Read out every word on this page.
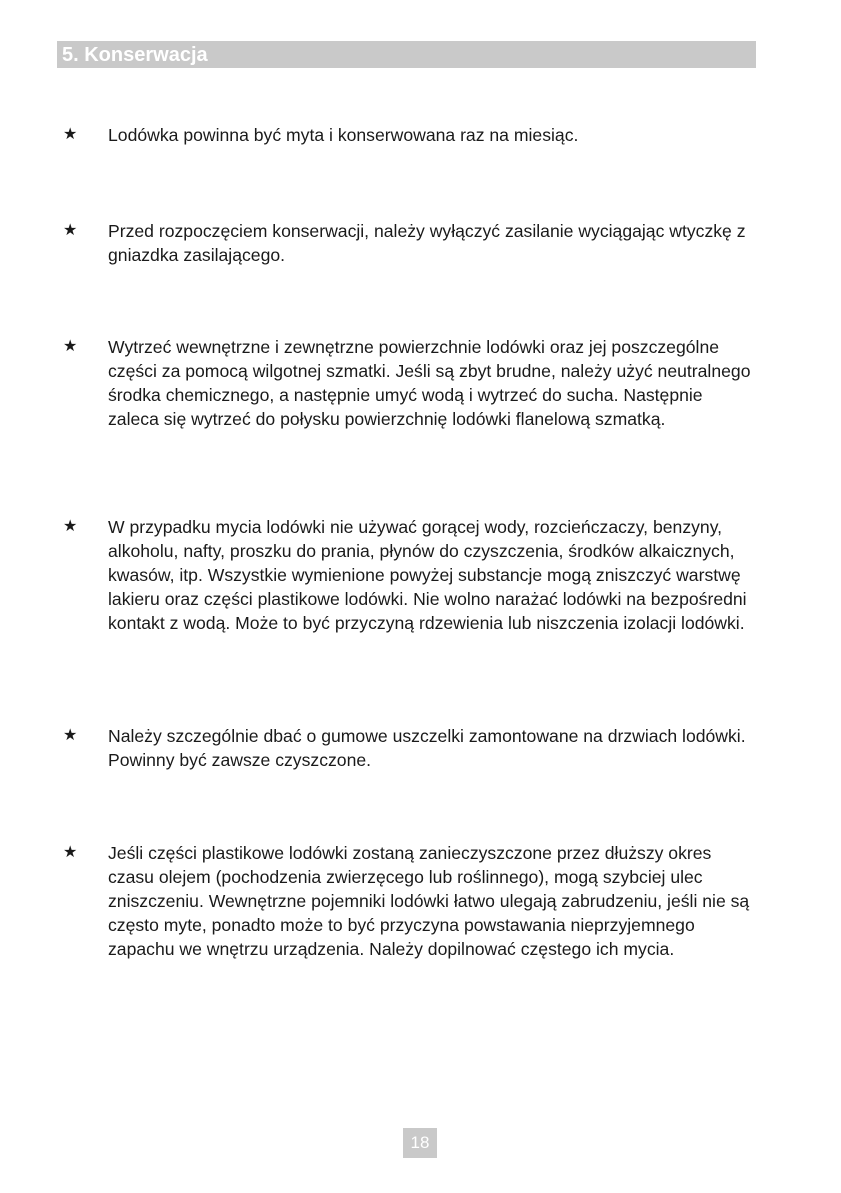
5. Konserwacja
★ Lodówka powinna być myta i konserwowana raz na miesiąc.
★ Przed rozpoczęciem konserwacji, należy wyłączyć zasilanie wyciągając wtyczkę z gniazdka zasilającego.
★ Wytrzeć wewnętrzne i zewnętrzne powierzchnie lodówki oraz jej poszczególne części za pomocą wilgotnej szmatki. Jeśli są zbyt brudne, należy użyć neutralnego środka chemicznego, a następnie umyć wodą i wytrzeć do sucha. Następnie zaleca się wytrzeć do połysku powierzchnię lodówki flanelową szmatką.
★ W przypadku mycia lodówki nie używać gorącej wody, rozcieńczaczy, benzyny, alkoholu, nafty, proszku do prania, płynów do czyszczenia, środków alkaicznych, kwasów, itp. Wszystkie wymienione powyżej substancje mogą zniszczyć warstwę lakieru oraz części plastikowe lodówki. Nie wolno narażać lodówki na bezpośredni kontakt z wodą. Może to być przyczyną rdzewienia lub niszczenia izolacji lodówki.
★ Należy szczególnie dbać o gumowe uszczelki zamontowane na drzwiach lodówki. Powinny być zawsze czyszczone.
★ Jeśli części plastikowe lodówki zostaną zanieczyszczone przez dłuższy okres czasu olejem (pochodzenia zwierzęcego lub roślinnego), mogą szybciej ulec zniszczeniu. Wewnętrzne pojemniki lodówki łatwo ulegają zabrudzeniu, jeśli nie są często myte, ponadto może to być przyczyna powstawania nieprzyjemnego zapachu we wnętrzu urządzenia. Należy dopilnować częstego ich mycia.
18
